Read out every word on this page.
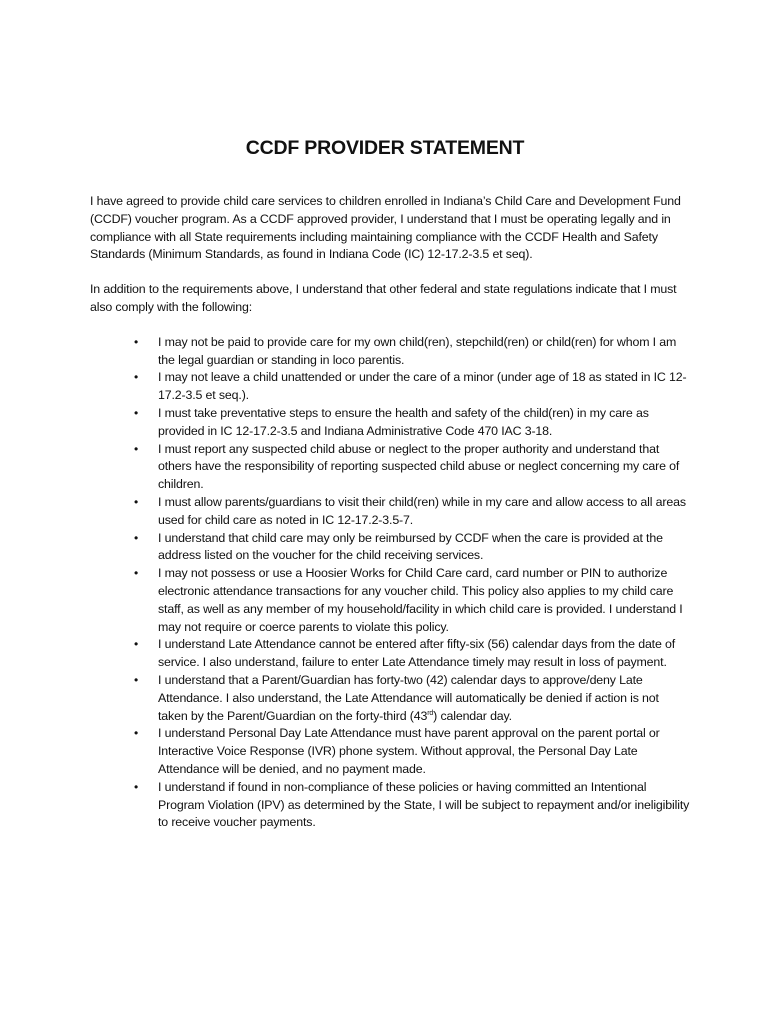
CCDF PROVIDER STATEMENT

I have agreed to provide child care services to children enrolled in Indiana’s Child Care and Development Fund (CCDF) voucher program. As a CCDF approved provider, I understand that I must be operating legally and in compliance with all State requirements including maintaining compliance with the CCDF Health and Safety Standards (Minimum Standards, as found in Indiana Code (IC) 12-17.2-3.5 et seq).

In addition to the requirements above, I understand that other federal and state regulations indicate that I must also comply with the following:

• I may not be paid to provide care for my own child(ren), stepchild(ren) or child(ren) for whom I am the legal guardian or standing in loco parentis.
• I may not leave a child unattended or under the care of a minor (under age of 18 as stated in IC 12-17.2-3.5 et seq.).
• I must take preventative steps to ensure the health and safety of the child(ren) in my care as provided in IC 12-17.2-3.5 and Indiana Administrative Code 470 IAC 3-18.
• I must report any suspected child abuse or neglect to the proper authority and understand that others have the responsibility of reporting suspected child abuse or neglect concerning my care of children.
• I must allow parents/guardians to visit their child(ren) while in my care and allow access to all areas used for child care as noted in IC 12-17.2-3.5-7.
• I understand that child care may only be reimbursed by CCDF when the care is provided at the address listed on the voucher for the child receiving services.
• I may not possess or use a Hoosier Works for Child Care card, card number or PIN to authorize electronic attendance transactions for any voucher child. This policy also applies to my child care staff, as well as any member of my household/facility in which child care is provided. I understand I may not require or coerce parents to violate this policy.
• I understand Late Attendance cannot be entered after fifty-six (56) calendar days from the date of service. I also understand, failure to enter Late Attendance timely may result in loss of payment.
• I understand that a Parent/Guardian has forty-two (42) calendar days to approve/deny Late Attendance. I also understand, the Late Attendance will automatically be denied if action is not taken by the Parent/Guardian on the forty-third (43rd) calendar day.
• I understand Personal Day Late Attendance must have parent approval on the parent portal or Interactive Voice Response (IVR) phone system. Without approval, the Personal Day Late Attendance will be denied, and no payment made.
• I understand if found in non-compliance of these policies or having committed an Intentional Program Violation (IPV) as determined by the State, I will be subject to repayment and/or ineligibility to receive voucher payments.
